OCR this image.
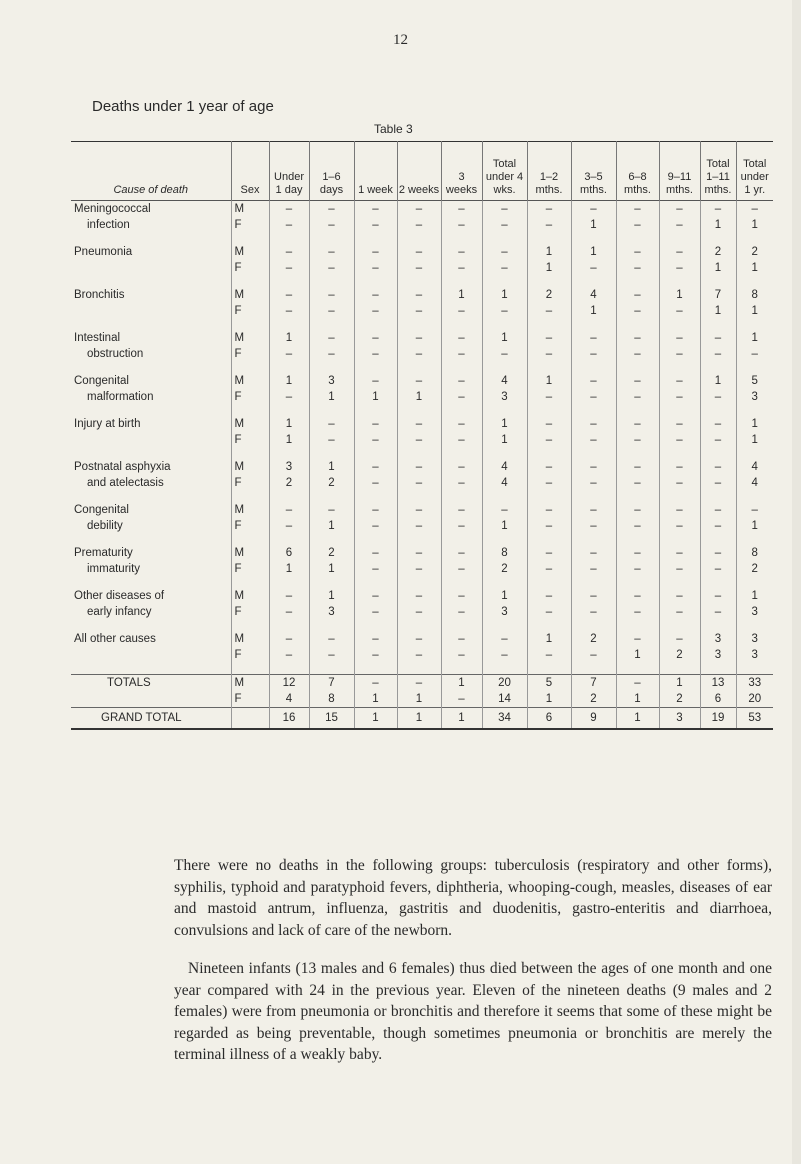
12
Deaths under 1 year of age
Table 3
Cause of death	Sex	Under 1 day	1–6 days	1 week	2 weeks	3 weeks	Total under 4 wks.	1–2 mths.	3–5 mths.	6–8 mths.	9–11 mths.	Total 1–11 mths.	Total under 1 yr.
Meningococcal	M	–	–	–	–	–	–	–	–	–	–	–	–
infection	F	–	–	–	–	–	–	–	1	–	–	1	1

Pneumonia	M	–	–	–	–	–	–	1	1	–	–	2	2
	F	–	–	–	–	–	–	1	–	–	–	1	1

Bronchitis	M	–	–	–	–	1	1	2	4	–	1	7	8
	F	–	–	–	–	–	–	–	1	–	–	1	1

Intestinal	M	1	–	–	–	–	1	–	–	–	–	–	1
obstruction	F	–	–	–	–	–	–	–	–	–	–	–	–

Congenital	M	1	3	–	–	–	4	1	–	–	–	1	5
malformation	F	–	1	1	1	–	3	–	–	–	–	–	3

Injury at birth	M	1	–	–	–	–	1	–	–	–	–	–	1
	F	1	–	–	–	–	1	–	–	–	–	–	1

Postnatal asphyxia	M	3	1	–	–	–	4	–	–	–	–	–	4
and atelectasis	F	2	2	–	–	–	4	–	–	–	–	–	4

Congenital	M	–	–	–	–	–	–	–	–	–	–	–	–
debility	F	–	1	–	–	–	1	–	–	–	–	–	1

Prematurity	M	6	2	–	–	–	8	–	–	–	–	–	8
immaturity	F	1	1	–	–	–	2	–	–	–	–	–	2

Other diseases of	M	–	1	–	–	–	1	–	–	–	–	–	1
early infancy	F	–	3	–	–	–	3	–	–	–	–	–	3

All other causes	M	–	–	–	–	–	–	1	2	–	–	3	3
	F	–	–	–	–	–	–	–	–	1	2	3	3

TOTALS	M	12	7	–	–	1	20	5	7	–	1	13	33
	F	4	8	1	1	–	14	1	2	1	2	6	20
GRAND TOTAL		16	15	1	1	1	34	6	9	1	3	19	53
There were no deaths in the following groups: tuberculosis (respiratory and other forms), syphilis, typhoid and paratyphoid fevers, diphtheria, whooping-cough, measles, diseases of ear and mastoid antrum, influenza, gastritis and duodenitis, gastro-enteritis and diarrhoea, convulsions and lack of care of the newborn.
Nineteen infants (13 males and 6 females) thus died between the ages of one month and one year compared with 24 in the previous year. Eleven of the nineteen deaths (9 males and 2 females) were from pneumonia or bronchitis and therefore it seems that some of these might be regarded as being preventable, though sometimes pneumonia or bronchitis are merely the terminal illness of a weakly baby.
